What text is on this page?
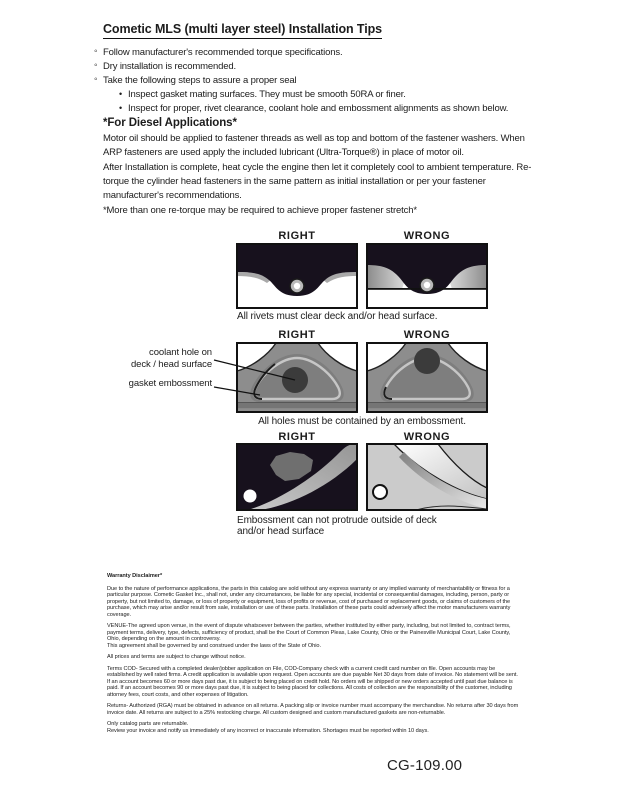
Cometic MLS (multi layer steel) Installation Tips
◦
Follow manufacturer's recommended torque specifications.
◦
Dry installation is recommended.
◦
Take the following steps to assure a proper seal
•
Inspect gasket mating surfaces. They must be smooth 50RA or finer.
•
Inspect for proper, rivet clearance, coolant hole and embossment alignments as shown below.
*For Diesel Applications*
Motor oil should be applied to fastener threads as well as top and bottom of the fastener washers. When ARP fasteners are used apply the included lubricant (Ultra-Torque®) in place of motor oil.
After Installation is complete, heat cycle the engine then let it completely cool to ambient temperature. Re-torque the cylinder head fasteners in the same pattern as initial installation or per your fastener manufacturer's recommendations.
*More than one re-torque may be required to achieve proper fastener stretch*
RIGHT	WRONG
All rivets must clear deck and/or head surface.
RIGHT	WRONG
coolant hole on
deck / head surface
gasket embossment
All holes must be contained by an embossment.
RIGHT	WRONG
Embossment can not protrude outside of deck
and/or head surface
Warranty Disclaimer*

Due to the nature of performance applications, the parts in this catalog are sold without any express warranty or any implied warranty of merchantability or fitness for a particular purpose. Cometic Gasket Inc., shall not, under any circumstances, be liable for any special, incidental or consequential damages, including, person, party or property, but not limited to, damage, or loss of property or equipment, loss of profits or revenue, cost of purchased or replacement goods, or claims of customers of the purchase, which may arise and/or result from sale, installation or use of these parts. Installation of these parts could adversely affect the motor manufacturers warranty coverage.

VENUE-The agreed upon venue, in the event of dispute whatsoever between the parties, whether instituted by either party, including, but not limited to, contract terms, payment terms, delivery, type, defects, sufficiency of product, shall be the Court of Common Pleas, Lake County, Ohio or the Painesville Municipal Court, Lake County, Ohio, depending on the amount in controversy.
This agreement shall be governed by and construed under the laws of the State of Ohio.

All prices and terms are subject to change without notice.

Terms COD- Secured with a completed dealer/jobber application on File, COD-Company check with a current credit card number on file. Open accounts may be established by well rated firms. A credit application is available upon request. Open accounts are due payable Net 30 days from date of invoice. No statement will be sent. If an account becomes 60 or more days past due, it is subject to being placed on credit hold. No orders will be shipped or new orders accepted until past due balance is paid. If an account becomes 90 or more days past due, it is subject to being placed for collections. All costs of collection are the responsibility of the customer, including attorney fees, court costs, and other expenses of litigation.

Returns- Authorized (RGA) must be obtained in advance on all returns. A packing slip or invoice number must accompany the merchandise. No returns after 30 days from invoice date. All returns are subject to a 25% restocking charge. All custom designed and custom manufactured gaskets are non-returnable.

Only catalog parts are returnable.
Review your invoice and notify us immediately of any incorrect or inaccurate information. Shortages must be reported within 10 days.

CG-109.00
